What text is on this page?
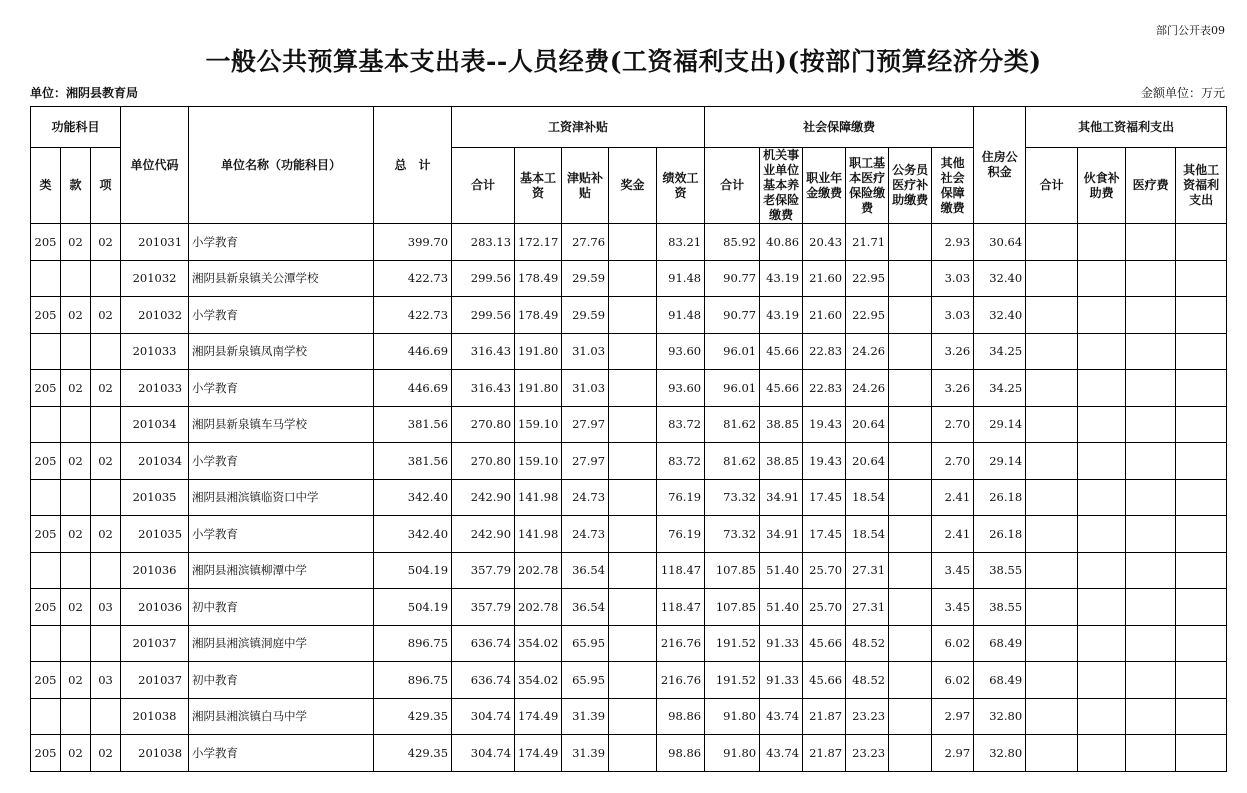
部门公开表09
一般公共预算基本支出表--人员经费(工资福利支出)(按部门预算经济分类)
单位：湘阴县教育局	金额单位：万元
功能科目			单位代码	单位名称（功能科目）	总　计	工资津补贴					社会保障缴费						住房公积金	其他工资福利支出			
类	款	项				合计	基本工资	津贴补贴	奖金	绩效工资	合计	机关事业单位基本养老保险缴费	职业年金缴费	职工基本医疗保险缴费	公务员医疗补助缴费	其他社会保障缴费		合计	伙食补助费	医疗费	其他工资福利支出
205	02	02	201031	小学教育	399.70	283.13	172.17	27.76		83.21	85.92	40.86	20.43	21.71		2.93	30.64				
			201032	湘阴县新泉镇关公潭学校	422.73	299.56	178.49	29.59		91.48	90.77	43.19	21.60	22.95		3.03	32.40				
205	02	02	201032	小学教育	422.73	299.56	178.49	29.59		91.48	90.77	43.19	21.60	22.95		3.03	32.40				
			201033	湘阴县新泉镇凤南学校	446.69	316.43	191.80	31.03		93.60	96.01	45.66	22.83	24.26		3.26	34.25				
205	02	02	201033	小学教育	446.69	316.43	191.80	31.03		93.60	96.01	45.66	22.83	24.26		3.26	34.25				
			201034	湘阴县新泉镇车马学校	381.56	270.80	159.10	27.97		83.72	81.62	38.85	19.43	20.64		2.70	29.14				
205	02	02	201034	小学教育	381.56	270.80	159.10	27.97		83.72	81.62	38.85	19.43	20.64		2.70	29.14				
			201035	湘阴县湘滨镇临资口中学	342.40	242.90	141.98	24.73		76.19	73.32	34.91	17.45	18.54		2.41	26.18				
205	02	02	201035	小学教育	342.40	242.90	141.98	24.73		76.19	73.32	34.91	17.45	18.54		2.41	26.18				
			201036	湘阴县湘滨镇柳潭中学	504.19	357.79	202.78	36.54		118.47	107.85	51.40	25.70	27.31		3.45	38.55				
205	02	03	201036	初中教育	504.19	357.79	202.78	36.54		118.47	107.85	51.40	25.70	27.31		3.45	38.55				
			201037	湘阴县湘滨镇洞庭中学	896.75	636.74	354.02	65.95		216.76	191.52	91.33	45.66	48.52		6.02	68.49				
205	02	03	201037	初中教育	896.75	636.74	354.02	65.95		216.76	191.52	91.33	45.66	48.52		6.02	68.49				
			201038	湘阴县湘滨镇白马中学	429.35	304.74	174.49	31.39		98.86	91.80	43.74	21.87	23.23		2.97	32.80				
205	02	02	201038	小学教育	429.35	304.74	174.49	31.39		98.86	91.80	43.74	21.87	23.23		2.97	32.80				
